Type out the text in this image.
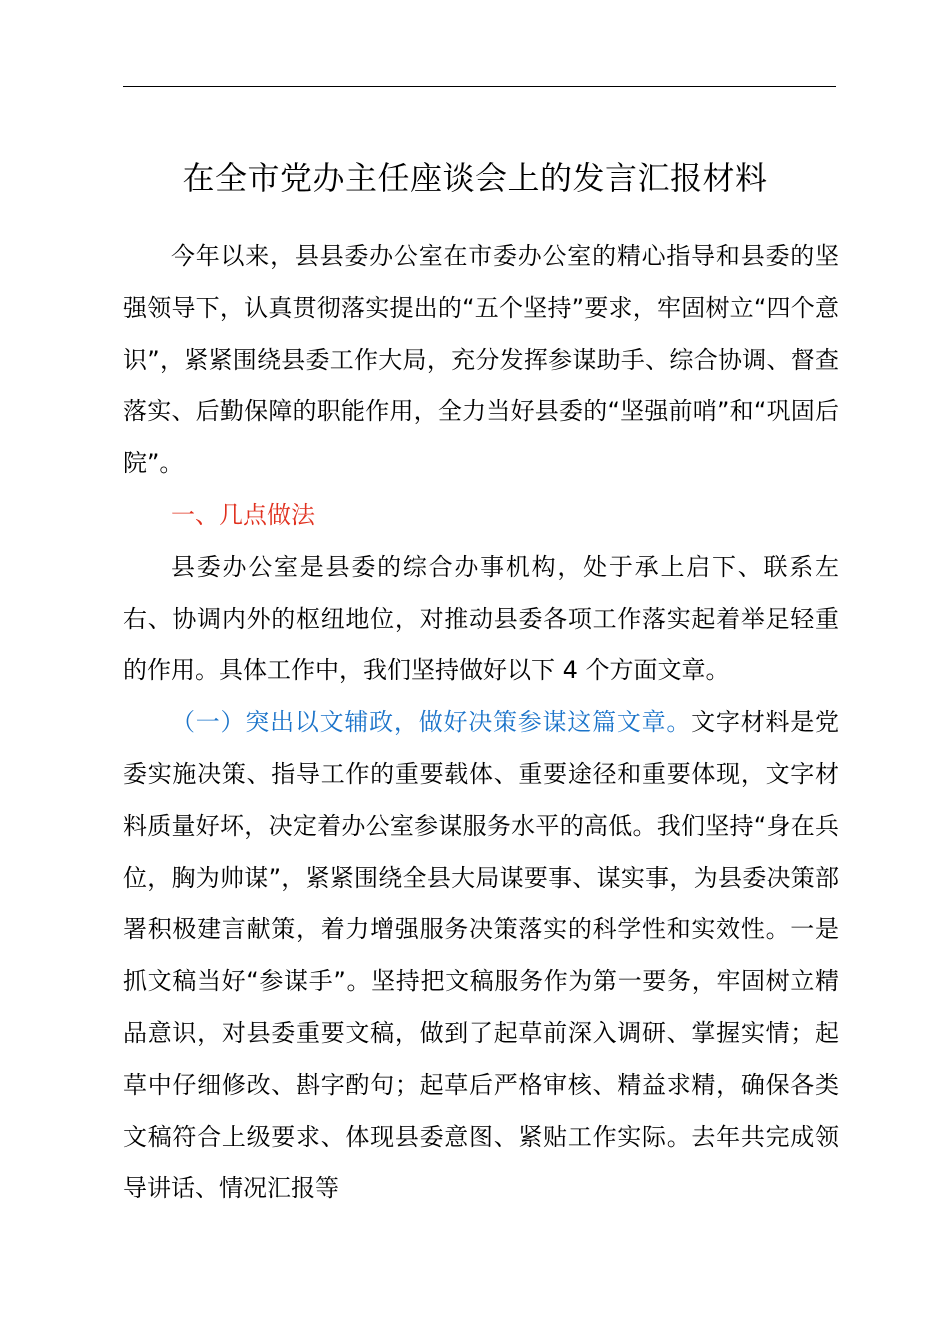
在全市党办主任座谈会上的发言汇报材料

今年以来，县县委办公室在市委办公室的精心指导和县委的坚强领导下，认真贯彻落实提出的“五个坚持”要求，牢固树立“四个意识”，紧紧围绕县委工作大局，充分发挥参谋助手、综合协调、督查落实、后勤保障的职能作用，全力当好县委的“坚强前哨”和“巩固后院”。

一、几点做法

县委办公室是县委的综合办事机构，处于承上启下、联系左右、协调内外的枢纽地位，对推动县委各项工作落实起着举足轻重的作用。具体工作中，我们坚持做好以下 4 个方面文章。

（一）突出以文辅政，做好决策参谋这篇文章。文字材料是党委实施决策、指导工作的重要载体、重要途径和重要体现，文字材料质量好坏，决定着办公室参谋服务水平的高低。我们坚持“身在兵位，胸为帅谋”，紧紧围绕全县大局谋要事、谋实事，为县委决策部署积极建言献策，着力增强服务决策落实的科学性和实效性。一是抓文稿当好“参谋手”。坚持把文稿服务作为第一要务，牢固树立精品意识，对县委重要文稿，做到了起草前深入调研、掌握实情；起草中仔细修改、斟字酌句；起草后严格审核、精益求精，确保各类文稿符合上级要求、体现县委意图、紧贴工作实际。去年共完成领导讲话、情况汇报等
